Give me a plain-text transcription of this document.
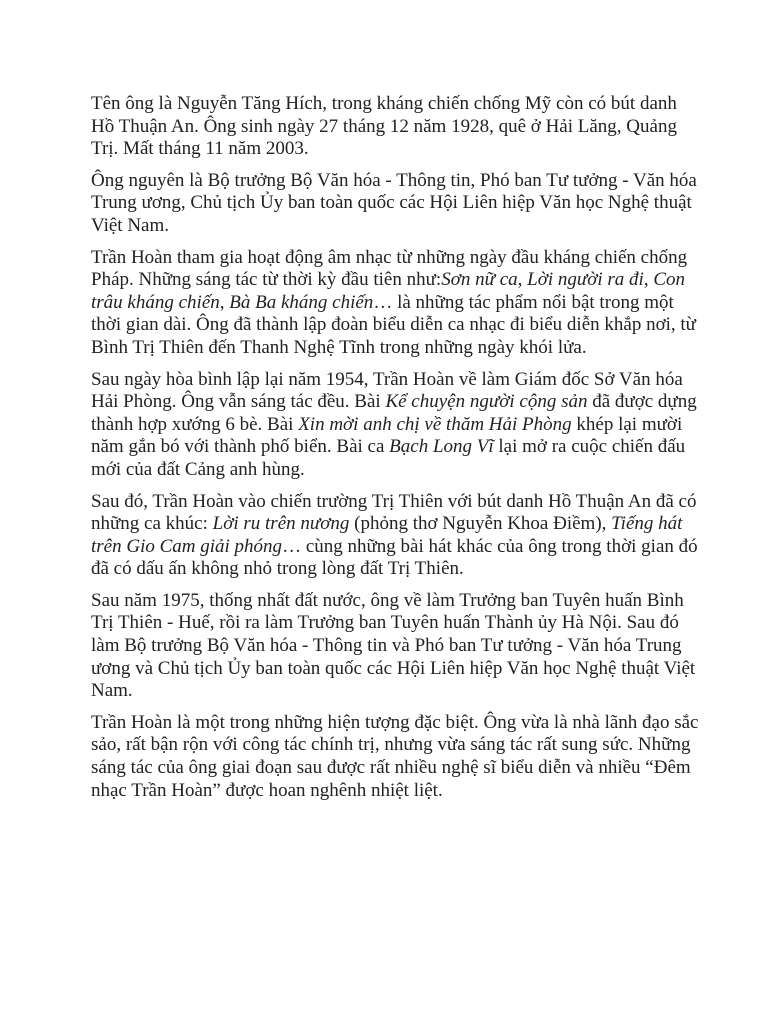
Tên ông là Nguyễn Tăng Hích, trong kháng chiến chống Mỹ còn có bút danh Hồ Thuận An. Ông sinh ngày 27 tháng 12 năm 1928, quê ở Hải Lăng, Quảng Trị. Mất tháng 11 năm 2003.

Ông nguyên là Bộ trưởng Bộ Văn hóa - Thông tin, Phó ban Tư tưởng - Văn hóa Trung ương, Chủ tịch Ủy ban toàn quốc các Hội Liên hiệp Văn học Nghệ thuật Việt Nam.

Trần Hoàn tham gia hoạt động âm nhạc từ những ngày đầu kháng chiến chống Pháp. Những sáng tác từ thời kỳ đầu tiên như:Sơn nữ ca, Lời người ra đi, Con trâu kháng chiến, Bà Ba kháng chiến… là những tác phẩm nổi bật trong một thời gian dài. Ông đã thành lập đoàn biểu diễn ca nhạc đi biểu diễn khắp nơi, từ Bình Trị Thiên đến Thanh Nghệ Tĩnh trong những ngày khói lửa.

Sau ngày hòa bình lập lại năm 1954, Trần Hoàn về làm Giám đốc Sở Văn hóa Hải Phòng. Ông vẫn sáng tác đều. Bài Kể chuyện người cộng sản đã được dựng thành hợp xướng 6 bè. Bài Xin mời anh chị về thăm Hải Phòng khép lại mười năm gắn bó với thành phố biển. Bài ca Bạch Long Vĩ lại mở ra cuộc chiến đấu mới của đất Cảng anh hùng.

Sau đó, Trần Hoàn vào chiến trường Trị Thiên với bút danh Hồ Thuận An đã có những ca khúc: Lời ru trên nương (phỏng thơ Nguyễn Khoa Điềm), Tiếng hát trên Gio Cam giải phóng… cùng những bài hát khác của ông trong thời gian đó đã có dấu ấn không nhỏ trong lòng đất Trị Thiên.

Sau năm 1975, thống nhất đất nước, ông về làm Trưởng ban Tuyên huấn Bình Trị Thiên - Huế, rồi ra làm Trưởng ban Tuyên huấn Thành ủy Hà Nội. Sau đó làm Bộ trưởng Bộ Văn hóa - Thông tin và Phó ban Tư tưởng - Văn hóa Trung ương và Chủ tịch Ủy ban toàn quốc các Hội Liên hiệp Văn học Nghệ thuật Việt Nam.

Trần Hoàn là một trong những hiện tượng đặc biệt. Ông vừa là nhà lãnh đạo sắc sảo, rất bận rộn với công tác chính trị, nhưng vừa sáng tác rất sung sức. Những sáng tác của ông giai đoạn sau được rất nhiều nghệ sĩ biểu diễn và nhiều “Đêm nhạc Trần Hoàn” được hoan nghênh nhiệt liệt.
